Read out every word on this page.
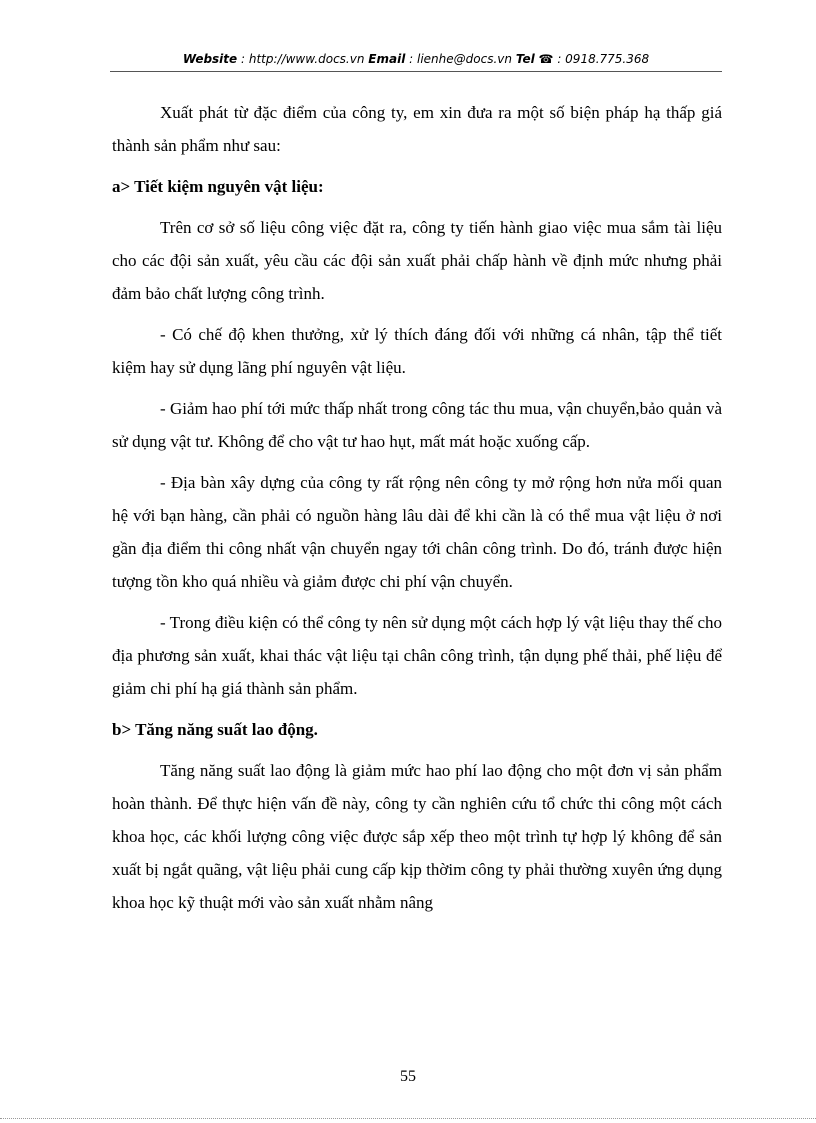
Website : http://www.docs.vn Email : lienhe@docs.vn Tel ☎ : 0918.775.368

Xuất phát từ đặc điểm của công ty, em xin đưa ra một số biện pháp hạ thấp giá thành sản phẩm như sau:

a> Tiết kiệm nguyên vật liệu:

Trên cơ sở số liệu công việc đặt ra, công ty tiến hành giao việc mua sắm tài liệu cho các đội sản xuất, yêu cầu các đội sản xuất phải chấp hành về định mức nhưng phải đảm bảo chất lượng công trình.

- Có chế độ khen thưởng, xử lý thích đáng đối với những cá nhân, tập thể tiết kiệm hay sử dụng lãng phí nguyên vật liệu.

- Giảm hao phí tới mức thấp nhất trong công tác thu mua, vận chuyển,bảo quản và sử dụng vật tư. Không để cho vật tư hao hụt, mất mát hoặc xuống cấp.

- Địa bàn xây dựng của công ty rất rộng nên công ty mở rộng hơn nửa mối quan hệ với bạn hàng, cần phải có nguồn hàng lâu dài để khi cần là có thể mua vật liệu ở nơi gần địa điểm thi công nhất vận chuyển ngay tới chân công trình. Do đó, tránh được hiện tượng tồn kho quá nhiều và giảm được chi phí vận chuyển.

- Trong điều kiện có thể công ty nên sử dụng một cách hợp lý vật liệu thay thế cho địa phương sản xuất, khai thác vật liệu tại chân công trình, tận dụng phế thải, phế liệu để giảm chi phí hạ giá thành sản phẩm.

b> Tăng năng suất lao động.

Tăng năng suất lao động là giảm mức hao phí lao động cho một đơn vị sản phẩm hoàn thành. Để thực hiện vấn đề này, công ty cần nghiên cứu tổ chức thi công một cách khoa học, các khối lượng công việc được sắp xếp theo một trình tự hợp lý không để sản xuất bị ngắt quãng, vật liệu phải cung cấp kịp thờim công ty phải thường xuyên ứng dụng khoa học kỹ thuật mới vào sản xuất nhằm nâng

55
